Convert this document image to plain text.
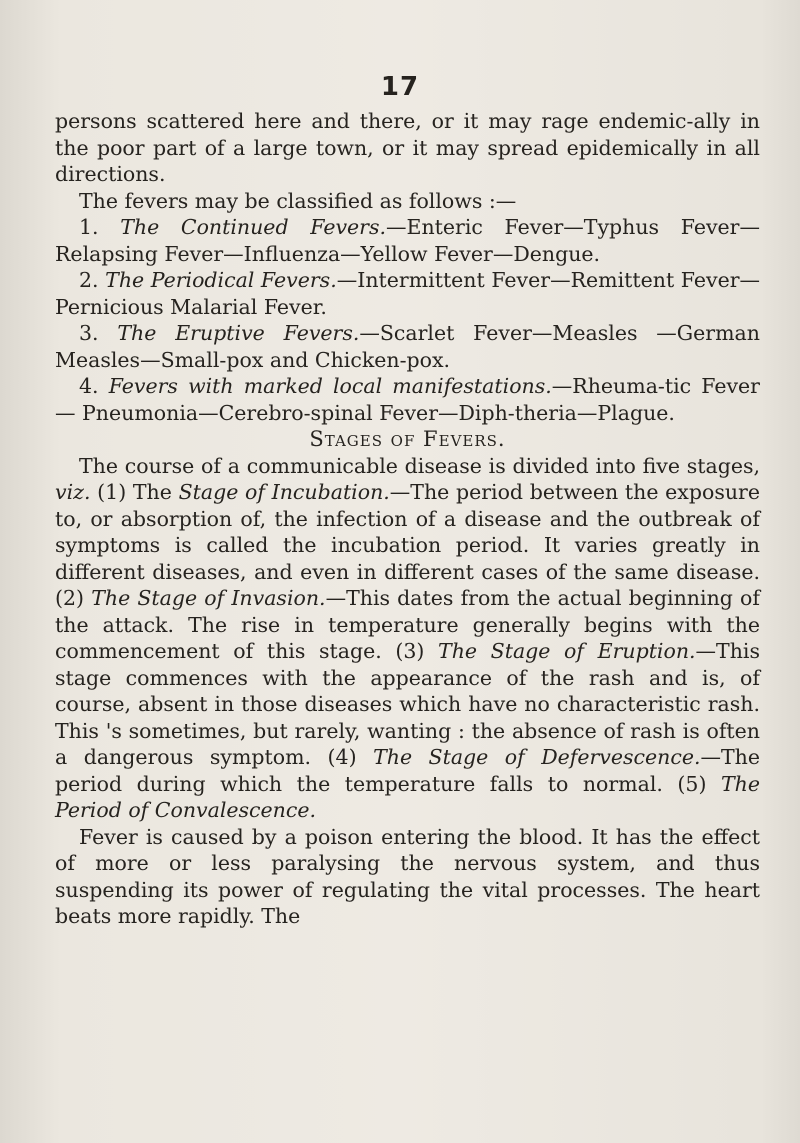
17

persons scattered here and there, or it may rage endemic-ally in the poor part of a large town, or it may spread epidemically in all directions.

The fevers may be classified as follows :—

1. The Continued Fevers.—Enteric Fever—Typhus Fever—Relapsing Fever—Influenza—Yellow Fever—Dengue.

2. The Periodical Fevers.—Intermittent Fever—Remittent Fever—Pernicious Malarial Fever.

3. The Eruptive Fevers.—Scarlet Fever—Measles —German Measles—Small-pox and Chicken-pox.

4. Fevers with marked local manifestations.—Rheuma-tic Fever — Pneumonia—Cerebro-spinal Fever—Diph-theria—Plague.

Stages of Fevers.

The course of a communicable disease is divided into five stages, viz. (1) The Stage of Incubation.—The period between the exposure to, or absorption of, the infection of a disease and the outbreak of symptoms is called the incubation period. It varies greatly in different diseases, and even in different cases of the same disease. (2) The Stage of Invasion.—This dates from the actual beginning of the attack. The rise in temperature generally begins with the commencement of this stage. (3) The Stage of Eruption.—This stage commences with the appearance of the rash and is, of course, absent in those diseases which have no characteristic rash. This 's sometimes, but rarely, wanting : the absence of rash is often a dangerous symptom. (4) The Stage of Defervescence.—The period during which the temperature falls to normal. (5) The Period of Convalescence.

Fever is caused by a poison entering the blood. It has the effect of more or less paralysing the nervous system, and thus suspending its power of regulating the vital processes. The heart beats more rapidly. The
